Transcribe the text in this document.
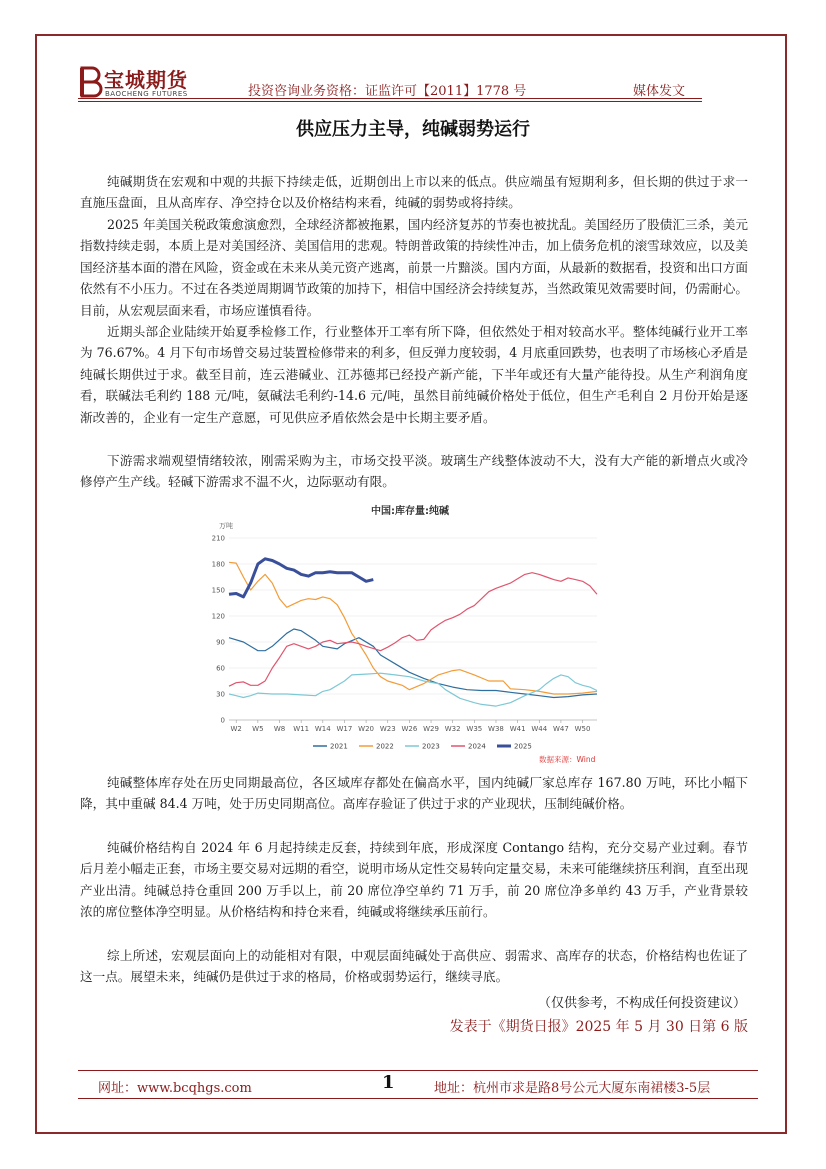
宝城期货
BAOCHENG FUTURES	投资咨询业务资格：证监许可【2011】1778 号	媒体发文
供应压力主导，纯碱弱势运行

纯碱期货在宏观和中观的共振下持续走低，近期创出上市以来的低点。供应端虽有短期利多，但长期的供过于求一直施压盘面，且从高库存、净空持仓以及价格结构来看，纯碱的弱势或将持续。

2025 年美国关税政策愈演愈烈，全球经济都被拖累，国内经济复苏的节奏也被扰乱。美国经历了股债汇三杀，美元指数持续走弱，本质上是对美国经济、美国信用的悲观。特朗普政策的持续性冲击，加上债务危机的滚雪球效应，以及美国经济基本面的潜在风险，资金或在未来从美元资产逃离，前景一片黯淡。国内方面，从最新的数据看，投资和出口方面依然有不小压力。不过在各类逆周期调节政策的加持下，相信中国经济会持续复苏，当然政策见效需要时间，仍需耐心。目前，从宏观层面来看，市场应谨慎看待。

近期头部企业陆续开始夏季检修工作，行业整体开工率有所下降，但依然处于相对较高水平。整体纯碱行业开工率为 76.67%。4 月下旬市场曾交易过装置检修带来的利多，但反弹力度较弱，4 月底重回跌势，也表明了市场核心矛盾是纯碱长期供过于求。截至目前，连云港碱业、江苏德邦已经投产新产能，下半年或还有大量产能待投。从生产利润角度看，联碱法毛利约 188 元/吨，氨碱法毛利约-14.6 元/吨，虽然目前纯碱价格处于低位，但生产毛利自 2 月份开始是逐渐改善的，企业有一定生产意愿，可见供应矛盾依然会是中长期主要矛盾。

下游需求端观望情绪较浓，刚需采购为主，市场交投平淡。玻璃生产线整体波动不大，没有大产能的新增点火或冷修停产生产线。轻碱下游需求不温不火，边际驱动有限。

中国:库存量:纯碱
万吨
0
30
60
90
120
150
180
210
W2 W5 W8 W11 W14 W17 W20 W23 W26 W29 W32 W35 W38 W41 W44 W47 W50
2021	2022	2023	2024	2025
数据来源：Wind

纯碱整体库存处在历史同期最高位，各区域库存都处在偏高水平，国内纯碱厂家总库存 167.80 万吨，环比小幅下降，其中重碱 84.4 万吨，处于历史同期高位。高库存验证了供过于求的产业现状，压制纯碱价格。

纯碱价格结构自 2024 年 6 月起持续走反套，持续到年底，形成深度 Contango 结构，充分交易产业过剩。春节后月差小幅走正套，市场主要交易对远期的看空，说明市场从定性交易转向定量交易，未来可能继续挤压利润，直至出现产业出清。纯碱总持仓重回 200 万手以上，前 20 席位净空单约 71 万手，前 20 席位净多单约 43 万手，产业背景较浓的席位整体净空明显。从价格结构和持仓来看，纯碱或将继续承压前行。

综上所述，宏观层面向上的动能相对有限，中观层面纯碱处于高供应、弱需求、高库存的状态，价格结构也佐证了这一点。展望未来，纯碱仍是供过于求的格局，价格或弱势运行，继续寻底。

（仅供参考，不构成任何投资建议）
发表于《期货日报》2025 年 5 月 30 日第 6 版
网址：www.bcqhgs.com	1	地址：杭州市求是路8号公元大厦东南裙楼3-5层
